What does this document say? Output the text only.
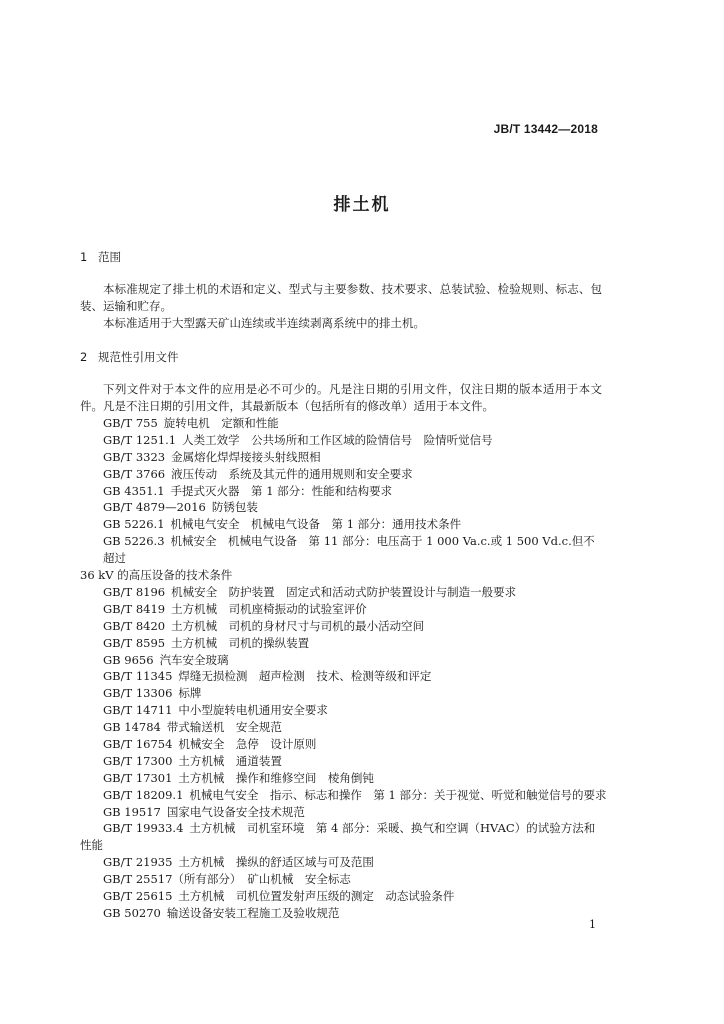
JB/T 13442—2018
排土机
1 范围
本标准规定了排土机的术语和定义、型式与主要参数、技术要求、总装试验、检验规则、标志、包装、运输和贮存。
本标准适用于大型露天矿山连续或半连续剥离系统中的排土机。
2 规范性引用文件
下列文件对于本文件的应用是必不可少的。凡是注日期的引用文件，仅注日期的版本适用于本文件。凡是不注日期的引用文件，其最新版本（包括所有的修改单）适用于本文件。
GB/T 755 旋转电机　定额和性能
GB/T 1251.1 人类工效学　公共场所和工作区域的险情信号　险情听觉信号
GB/T 3323 金属熔化焊焊接接头射线照相
GB/T 3766 液压传动　系统及其元件的通用规则和安全要求
GB 4351.1 手提式灭火器　第 1 部分：性能和结构要求
GB/T 4879—2016 防锈包装
GB 5226.1 机械电气安全　机械电气设备　第 1 部分：通用技术条件
GB 5226.3 机械安全　机械电气设备　第 11 部分：电压高于 1 000 Va.c.或 1 500 Vd.c.但不超过
36 kV 的高压设备的技术条件
GB/T 8196 机械安全　防护装置　固定式和活动式防护装置设计与制造一般要求
GB/T 8419 土方机械　司机座椅振动的试验室评价
GB/T 8420 土方机械　司机的身材尺寸与司机的最小活动空间
GB/T 8595 土方机械　司机的操纵装置
GB 9656 汽车安全玻璃
GB/T 11345 焊缝无损检测　超声检测　技术、检测等级和评定
GB/T 13306 标牌
GB/T 14711 中小型旋转电机通用安全要求
GB 14784 带式输送机　安全规范
GB/T 16754 机械安全　急停　设计原则
GB/T 17300 土方机械　通道装置
GB/T 17301 土方机械　操作和维修空间　棱角倒钝
GB/T 18209.1 机械电气安全　指示、标志和操作　第 1 部分：关于视觉、听觉和触觉信号的要求
GB 19517 国家电气设备安全技术规范
GB/T 19933.4 土方机械　司机室环境　第 4 部分：采暖、换气和空调（HVAC）的试验方法和
性能
GB/T 21935 土方机械　操纵的舒适区域与可及范围
GB/T 25517（所有部分） 矿山机械　安全标志
GB/T 25615 土方机械　司机位置发射声压级的测定　动态试验条件
GB 50270 输送设备安装工程施工及验收规范
1
